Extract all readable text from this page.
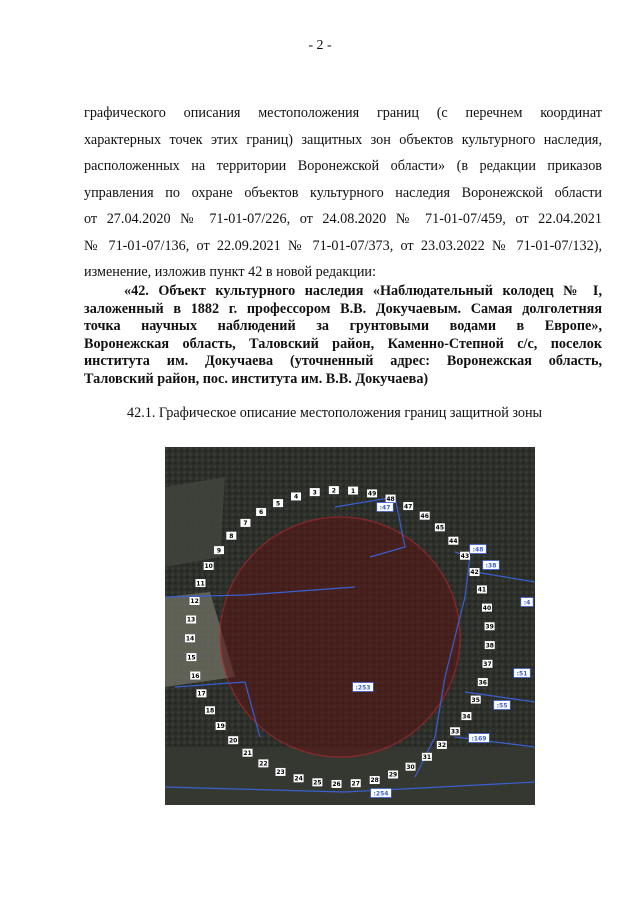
- 2 -
графического описания местоположения границ (с перечнем координат
характерных точек этих границ) защитных зон объектов культурного наследия,
расположенных на территории Воронежской области» (в редакции приказов
управления по охране объектов культурного наследия Воронежской области
от 27.04.2020 № 71-01-07/226, от 24.08.2020 № 71-01-07/459, от 22.04.2021
№ 71-01-07/136, от 22.09.2021 № 71-01-07/373, от 23.03.2022 № 71-01-07/132),
изменение, изложив пункт 42 в новой редакции:
«42. Объект культурного наследия «Наблюдательный колодец № I,
заложенный в 1882 г. профессором В.В. Докучаевым. Самая долголетняя
точка научных наблюдений за грунтовыми водами в Европе»,
Воронежская область, Таловский район, Каменно-Степной с/с, поселок
института им. Докучаева (уточненный адрес: Воронежская область,
Таловский район, пос. института им. В.В. Докучаева)
42.1. Графическое описание местоположения границ защитной зоны
1
2
3
4
5
6
7
8
9
10
11
12
13
14
15
16
17
18
19
20
21
22
23
24
25 26 27 28
29
30
31
32
33
34
35
36
37
38
39
40
41
42
43
44
45
46
47
48
49
:47
:48
:38
:4
:51
:55
:169
:253
:254
